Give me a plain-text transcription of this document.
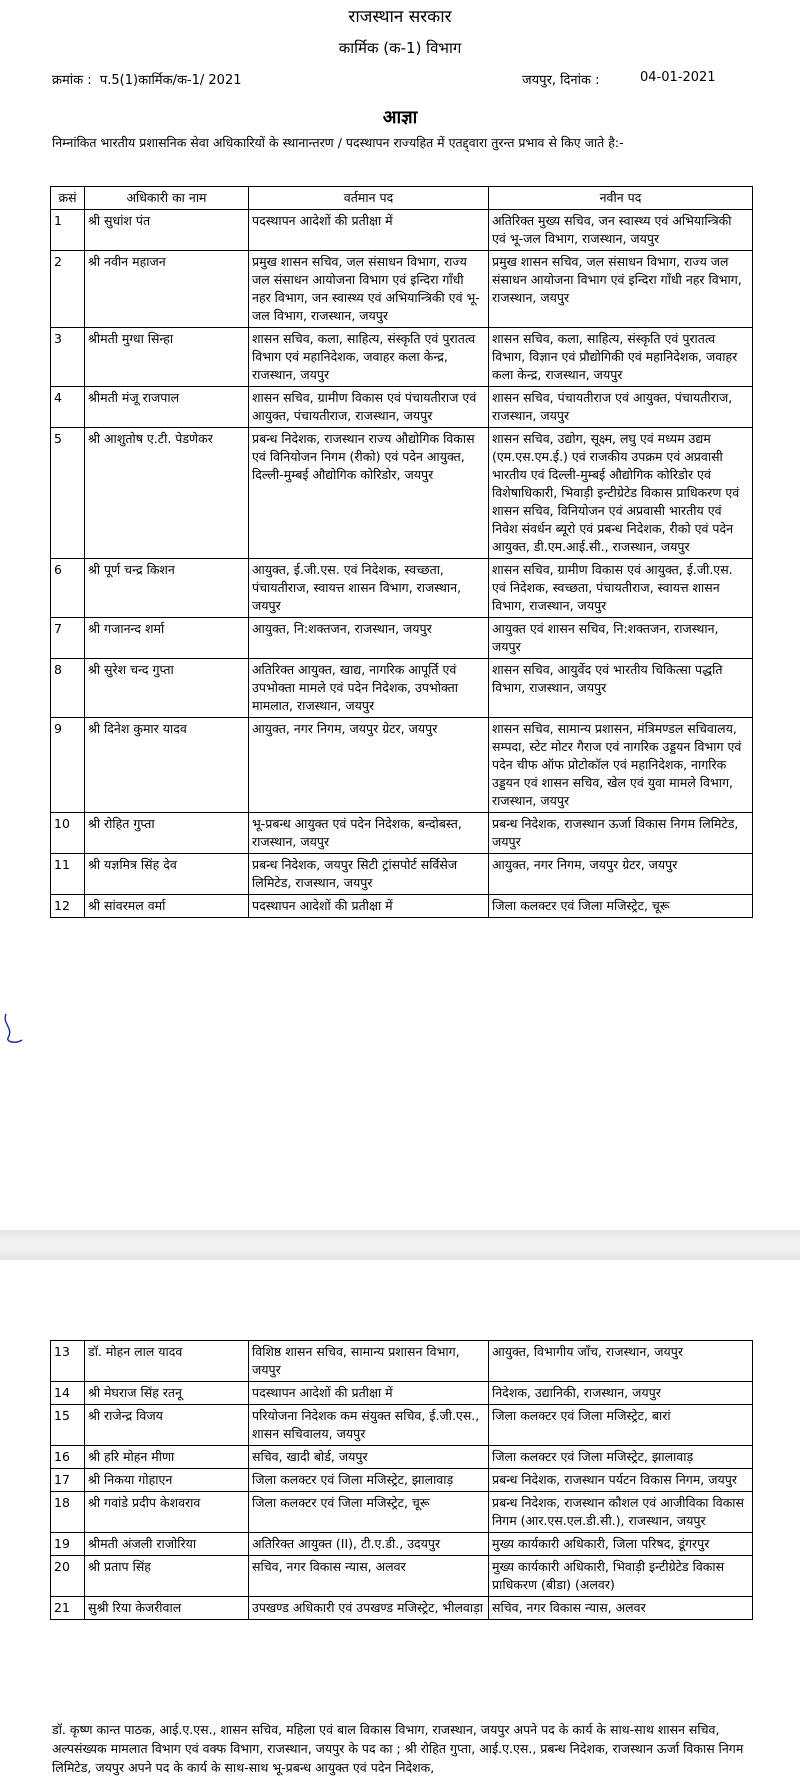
राजस्थान सरकार
कार्मिक (क-1) विभाग
क्रमांक : प.5(1)कार्मिक/क-1/ 2021	जयपुर, दिनांक :	04-01-2021
आज्ञा
निम्नांकित भारतीय प्रशासनिक सेवा अधिकारियों के स्थानान्तरण / पदस्थापन राज्यहित में एतद्द्वारा तुरन्त प्रभाव से किए जाते है:-
क्रसं	अधिकारी का नाम	वर्तमान पद	नवीन पद
1	श्री सुधांश पंत	पदस्थापन आदेशों की प्रतीक्षा में	अतिरिक्त मुख्य सचिव, जन स्वास्थ्य एवं अभियान्त्रिकी एवं भू-जल विभाग, राजस्थान, जयपुर
2	श्री नवीन महाजन	प्रमुख शासन सचिव, जल संसाधन विभाग, राज्य जल संसाधन आयोजना विभाग एवं इन्दिरा गाँधी नहर विभाग, जन स्वास्थ्य एवं अभियान्त्रिकी एवं भू-जल विभाग, राजस्थान, जयपुर	प्रमुख शासन सचिव, जल संसाधन विभाग, राज्य जल संसाधन आयोजना विभाग एवं इन्दिरा गाँधी नहर विभाग, राजस्थान, जयपुर
3	श्रीमती मुग्धा सिन्हा	शासन सचिव, कला, साहित्य, संस्कृति एवं पुरातत्व विभाग एवं महानिदेशक, जवाहर कला केन्द्र, राजस्थान, जयपुर	शासन सचिव, कला, साहित्य, संस्कृति एवं पुरातत्व विभाग, विज्ञान एवं प्रौद्योगिकी एवं महानिदेशक, जवाहर कला केन्द्र, राजस्थान, जयपुर
4	श्रीमती मंजू राजपाल	शासन सचिव, ग्रामीण विकास एवं पंचायतीराज एवं आयुक्त, पंचायतीराज, राजस्थान, जयपुर	शासन सचिव, पंचायतीराज एवं आयुक्त, पंचायतीराज, राजस्थान, जयपुर
5	श्री आशुतोष ए.टी. पेडणेकर	प्रबन्ध निदेशक, राजस्थान राज्य औद्योगिक विकास एवं विनियोजन निगम (रीको) एवं पदेन आयुक्त, दिल्ली-मुम्बई औद्योगिक कोरिडोर, जयपुर	शासन सचिव, उद्योग, सूक्ष्म, लघु एवं मध्यम उद्यम (एम.एस.एम.ई.) एवं राजकीय उपक्रम एवं अप्रवासी भारतीय एवं दिल्ली-मुम्बई औद्योगिक कोरिडोर एवं विशेषाधिकारी, भिवाड़ी इन्टीग्रेटेड विकास प्राधिकरण एवं शासन सचिव, विनियोजन एवं अप्रवासी भारतीय एवं निवेश संवर्धन ब्यूरो एवं प्रबन्ध निदेशक, रीको एवं पदेन आयुक्त, डी.एम.आई.सी., राजस्थान, जयपुर
6	श्री पूर्ण चन्द्र किशन	आयुक्त, ई.जी.एस. एवं निदेशक, स्वच्छता, पंचायतीराज, स्वायत्त शासन विभाग, राजस्थान, जयपुर	शासन सचिव, ग्रामीण विकास एवं आयुक्त, ई.जी.एस. एवं निदेशक, स्वच्छता, पंचायतीराज, स्वायत्त शासन विभाग, राजस्थान, जयपुर
7	श्री गजानन्द शर्मा	आयुक्त, नि:शक्तजन, राजस्थान, जयपुर	आयुक्त एवं शासन सचिव, नि:शक्तजन, राजस्थान, जयपुर
8	श्री सुरेश चन्द गुप्ता	अतिरिक्त आयुक्त, खाद्य, नागरिक आपूर्ति एवं उपभोक्ता मामले एवं पदेन निदेशक, उपभोक्ता मामलात, राजस्थान, जयपुर	शासन सचिव, आयुर्वेद एवं भारतीय चिकित्सा पद्धति विभाग, राजस्थान, जयपुर
9	श्री दिनेश कुमार यादव	आयुक्त, नगर निगम, जयपुर ग्रेटर, जयपुर	शासन सचिव, सामान्य प्रशासन, मंत्रिमण्डल सचिवालय, सम्पदा, स्टेट मोटर गैराज एवं नागरिक उड्डयन विभाग एवं पदेन चीफ ऑफ प्रोटोकॉल एवं महानिदेशक, नागरिक उड्डयन एवं शासन सचिव, खेल एवं युवा मामले विभाग, राजस्थान, जयपुर
10	श्री रोहित गुप्ता	भू-प्रबन्ध आयुक्त एवं पदेन निदेशक, बन्दोबस्त, राजस्थान, जयपुर	प्रबन्ध निदेशक, राजस्थान ऊर्जा विकास निगम लिमिटेड, जयपुर
11	श्री यज्ञमित्र सिंह देव	प्रबन्ध निदेशक, जयपुर सिटी ट्रांसपोर्ट सर्विसेज लिमिटेड, राजस्थान, जयपुर	आयुक्त, नगर निगम, जयपुर ग्रेटर, जयपुर
12	श्री सांवरमल वर्मा	पदस्थापन आदेशों की प्रतीक्षा में	जिला कलक्टर एवं जिला मजिस्ट्रेट, चूरू
13	डॉ. मोहन लाल यादव	विशिष्ठ शासन सचिव, सामान्य प्रशासन विभाग, जयपुर	आयुक्त, विभागीय जाँच, राजस्थान, जयपुर
14	श्री मेघराज सिंह रतनू	पदस्थापन आदेशों की प्रतीक्षा में	निदेशक, उद्यानिकी, राजस्थान, जयपुर
15	श्री राजेन्द्र विजय	परियोजना निदेशक कम संयुक्त सचिव, ई.जी.एस., शासन सचिवालय, जयपुर	जिला कलक्टर एवं जिला मजिस्ट्रेट, बारां
16	श्री हरि मोहन मीणा	सचिव, खादी बोर्ड, जयपुर	जिला कलक्टर एवं जिला मजिस्ट्रेट, झालावाड़
17	श्री निकया गोहाएन	जिला कलक्टर एवं जिला मजिस्ट्रेट, झालावाड़	प्रबन्ध निदेशक, राजस्थान पर्यटन विकास निगम, जयपुर
18	श्री गवांडे प्रदीप केशवराव	जिला कलक्टर एवं जिला मजिस्ट्रेट, चूरू	प्रबन्ध निदेशक, राजस्थान कौशल एवं आजीविका विकास निगम (आर.एस.एल.डी.सी.), राजस्थान, जयपुर
19	श्रीमती अंजली राजोरिया	अतिरिक्त आयुक्त (II), टी.ए.डी., उदयपुर	मुख्य कार्यकारी अधिकारी, जिला परिषद, डूंगरपुर
20	श्री प्रताप सिंह	सचिव, नगर विकास न्यास, अलवर	मुख्य कार्यकारी अधिकारी, भिवाड़ी इन्टीग्रेटेड विकास प्राधिकरण (बीडा) (अलवर)
21	सुश्री रिया केजरीवाल	उपखण्ड अधिकारी एवं उपखण्ड मजिस्ट्रेट, भीलवाड़ा	सचिव, नगर विकास न्यास, अलवर
डॉ. कृष्ण कान्त पाठक, आई.ए.एस., शासन सचिव, महिला एवं बाल विकास विभाग, राजस्थान, जयपुर अपने पद के कार्य के साथ-साथ शासन सचिव, अल्पसंख्यक मामलात विभाग एवं वक्फ विभाग, राजस्थान, जयपुर के पद का ; श्री रोहित गुप्ता, आई.ए.एस., प्रबन्ध निदेशक, राजस्थान ऊर्जा विकास निगम लिमिटेड, जयपुर अपने पद के कार्य के साथ-साथ भू-प्रबन्ध आयुक्त एवं पदेन निदेशक,
